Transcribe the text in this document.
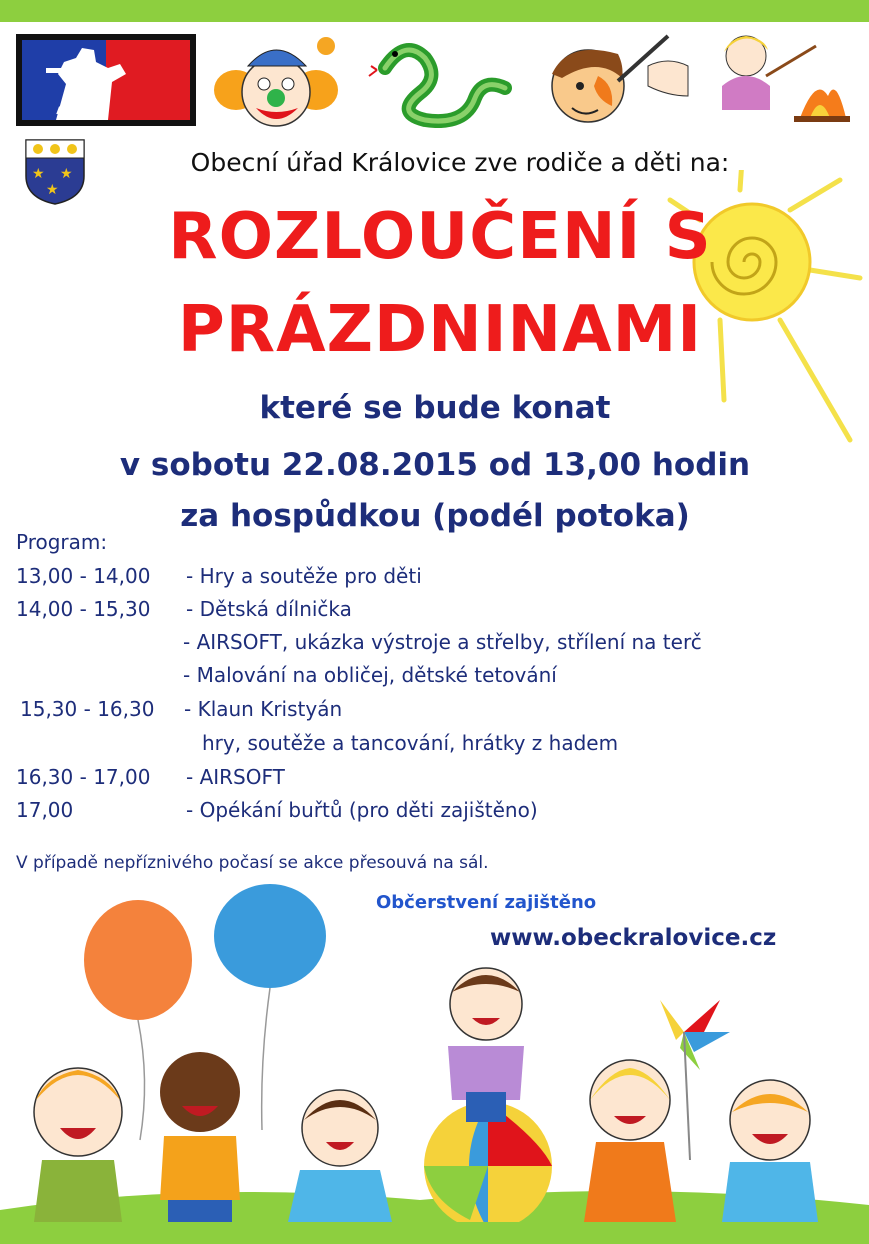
AIRSOFT
★ ★
★
Obecní úřad Královice zve rodiče a děti na:
ROZLOUČENÍ S
PRÁZDNINAMI
které se bude konat
v sobotu 22.08.2015 od 13,00 hodin
za hospůdkou (podél potoka)
Program:
13,00 - 14,00 - Hry a soutěže pro děti
14,00 - 15,30 - Dětská dílnička
- AIRSOFT, ukázka výstroje a střelby, střílení na terč
- Malování na obličej, dětské tetování
15,30 - 16,30 - Klaun Kristyán
hry, soutěže a tancování, hrátky z hadem
16,30 - 17,00 - AIRSOFT
17,00	- Opékání buřtů (pro děti zajištěno)
V případě nepříznivého počasí se akce přesouvá na sál.
Občerstvení zajištěno
www.obeckralovice.cz
